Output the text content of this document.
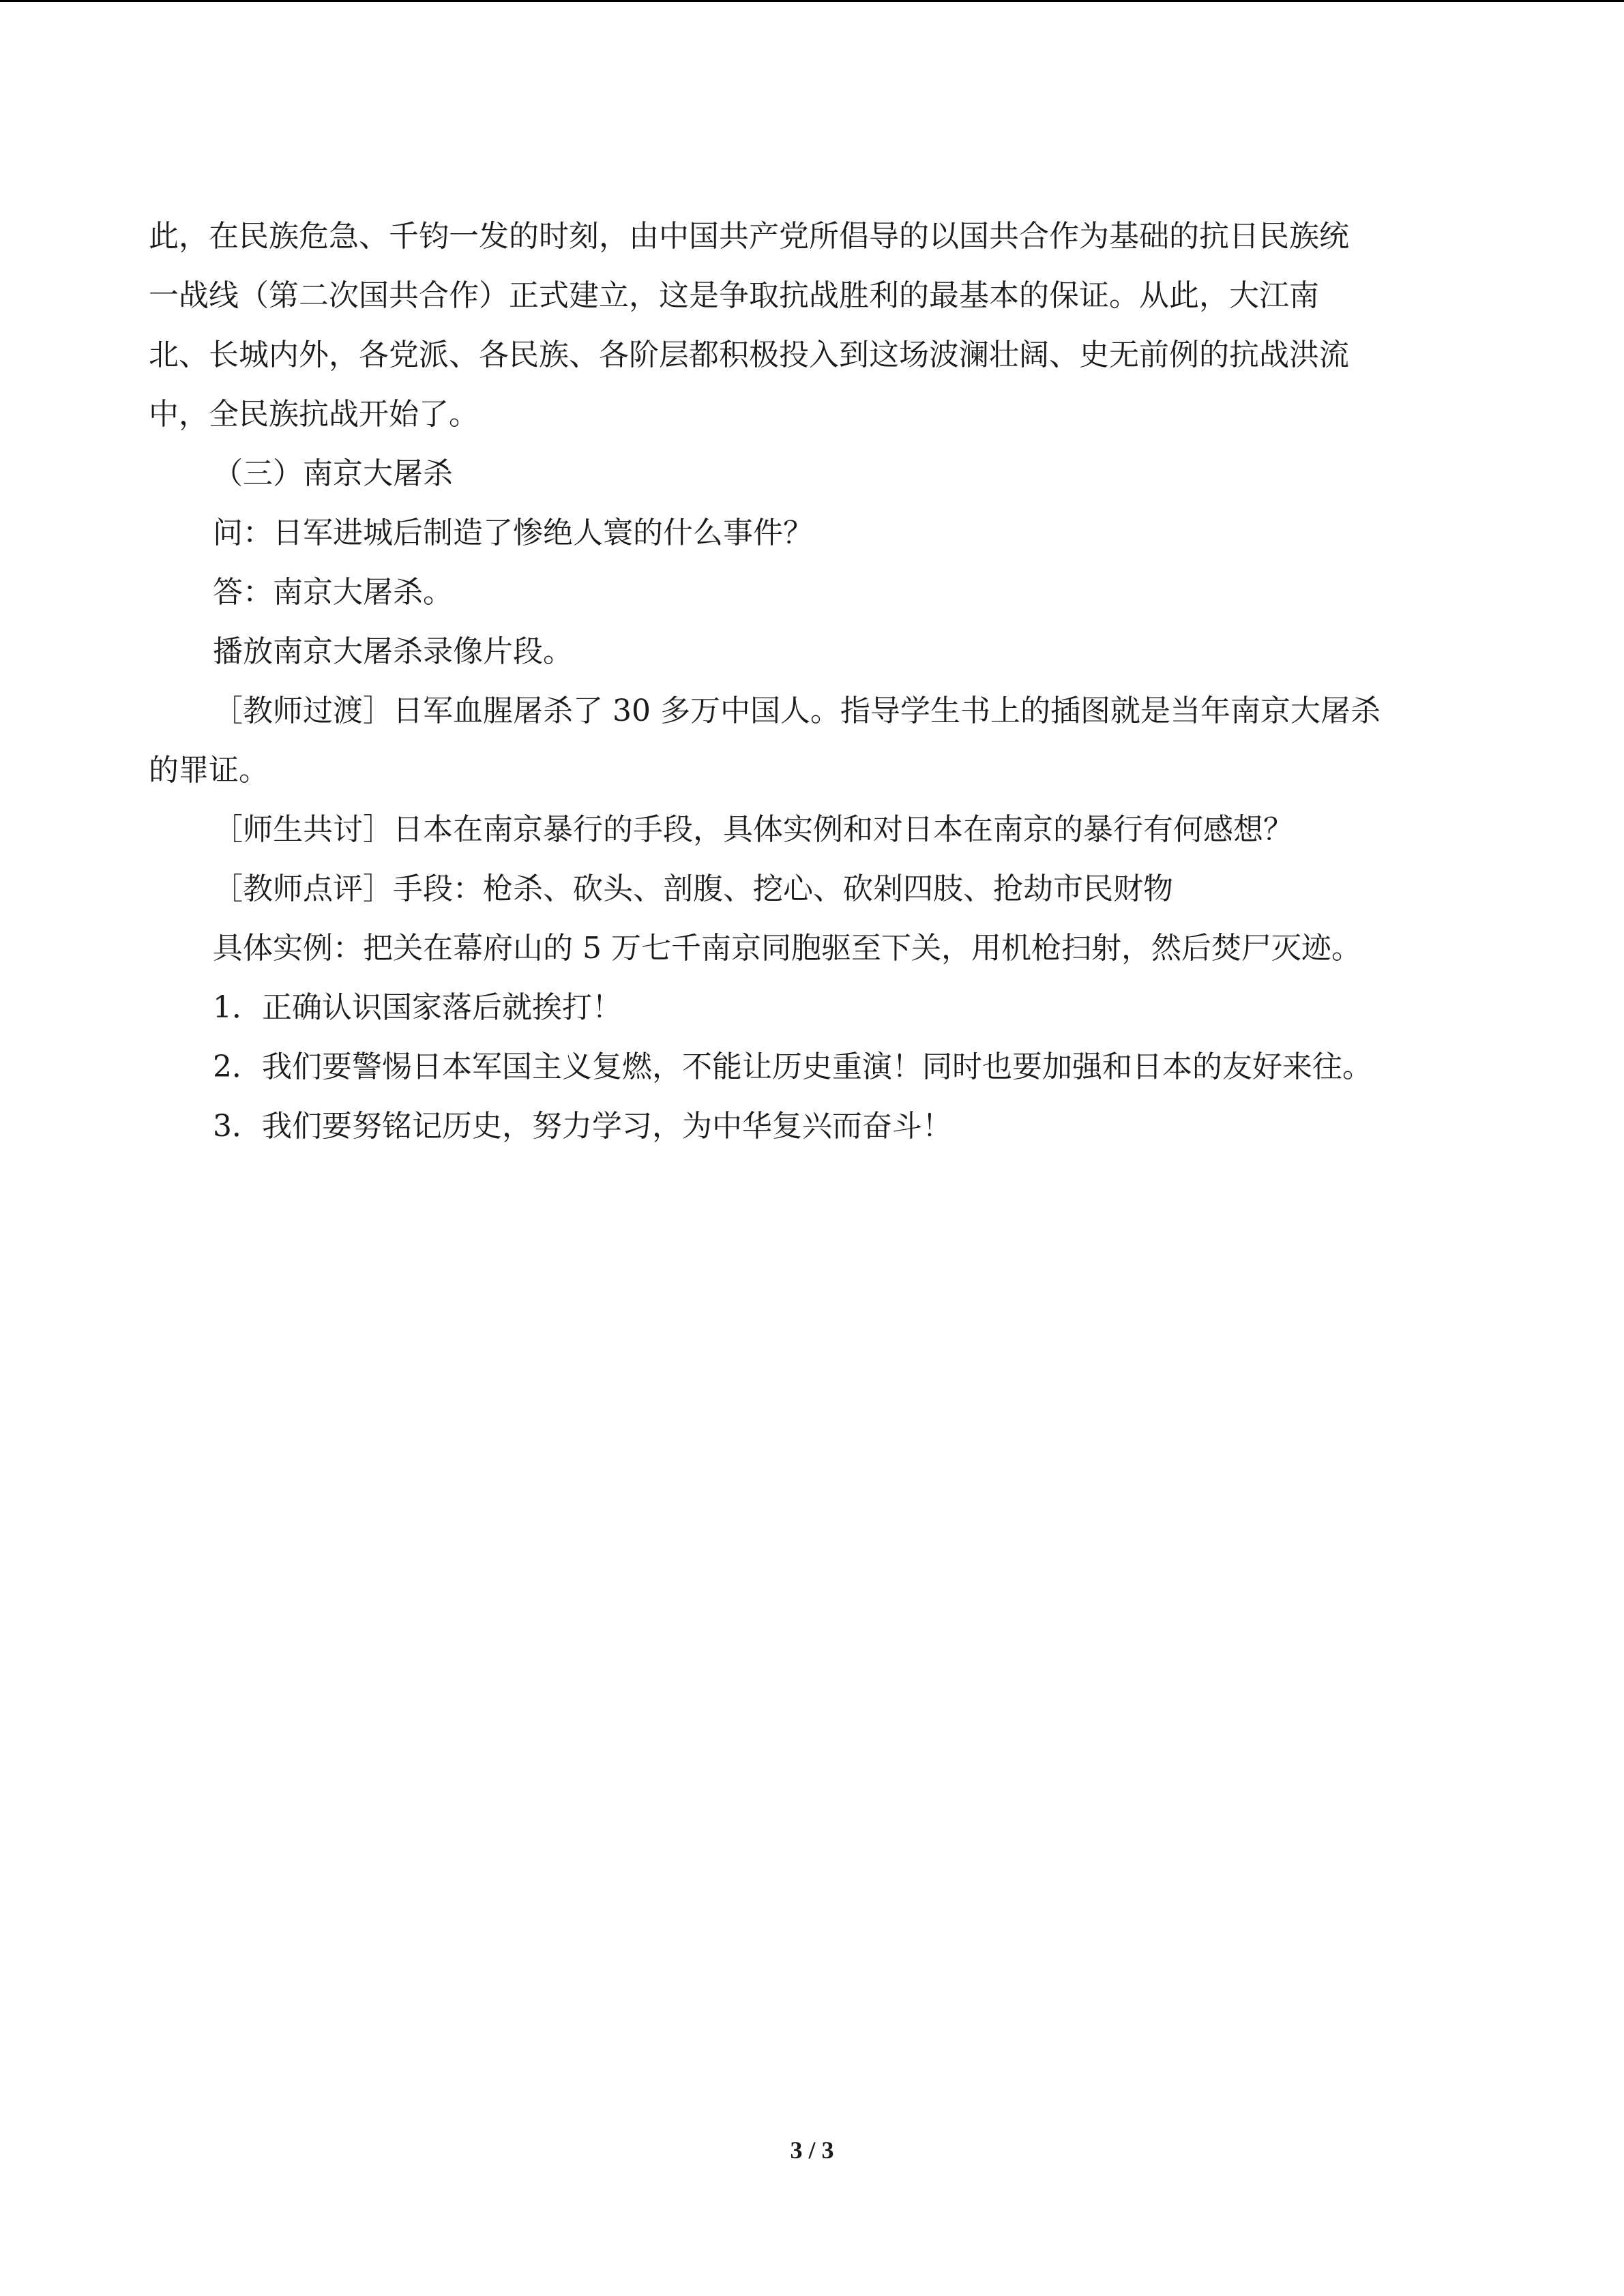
此，在民族危急、千钧一发的时刻，由中国共产党所倡导的以国共合作为基础的抗日民族统

一战线（第二次国共合作）正式建立，这是争取抗战胜利的最基本的保证。从此，大江南

北、长城内外，各党派、各民族、各阶层都积极投入到这场波澜壮阔、史无前例的抗战洪流

中，全民族抗战开始了。

（三）南京大屠杀

问：日军进城后制造了惨绝人寰的什么事件？

答：南京大屠杀。

播放南京大屠杀录像片段。

［教师过渡］日军血腥屠杀了 30 多万中国人。指导学生书上的插图就是当年南京大屠杀

的罪证。

［师生共讨］日本在南京暴行的手段，具体实例和对日本在南京的暴行有何感想？

［教师点评］手段：枪杀、砍头、剖腹、挖心、砍剁四肢、抢劫市民财物

具体实例：把关在幕府山的 5 万七千南京同胞驱至下关，用机枪扫射，然后焚尸灭迹。

1．正确认识国家落后就挨打！

2．我们要警惕日本军国主义复燃，不能让历史重演！同时也要加强和日本的友好来往。

3．我们要努铭记历史，努力学习，为中华复兴而奋斗！

3 / 3
